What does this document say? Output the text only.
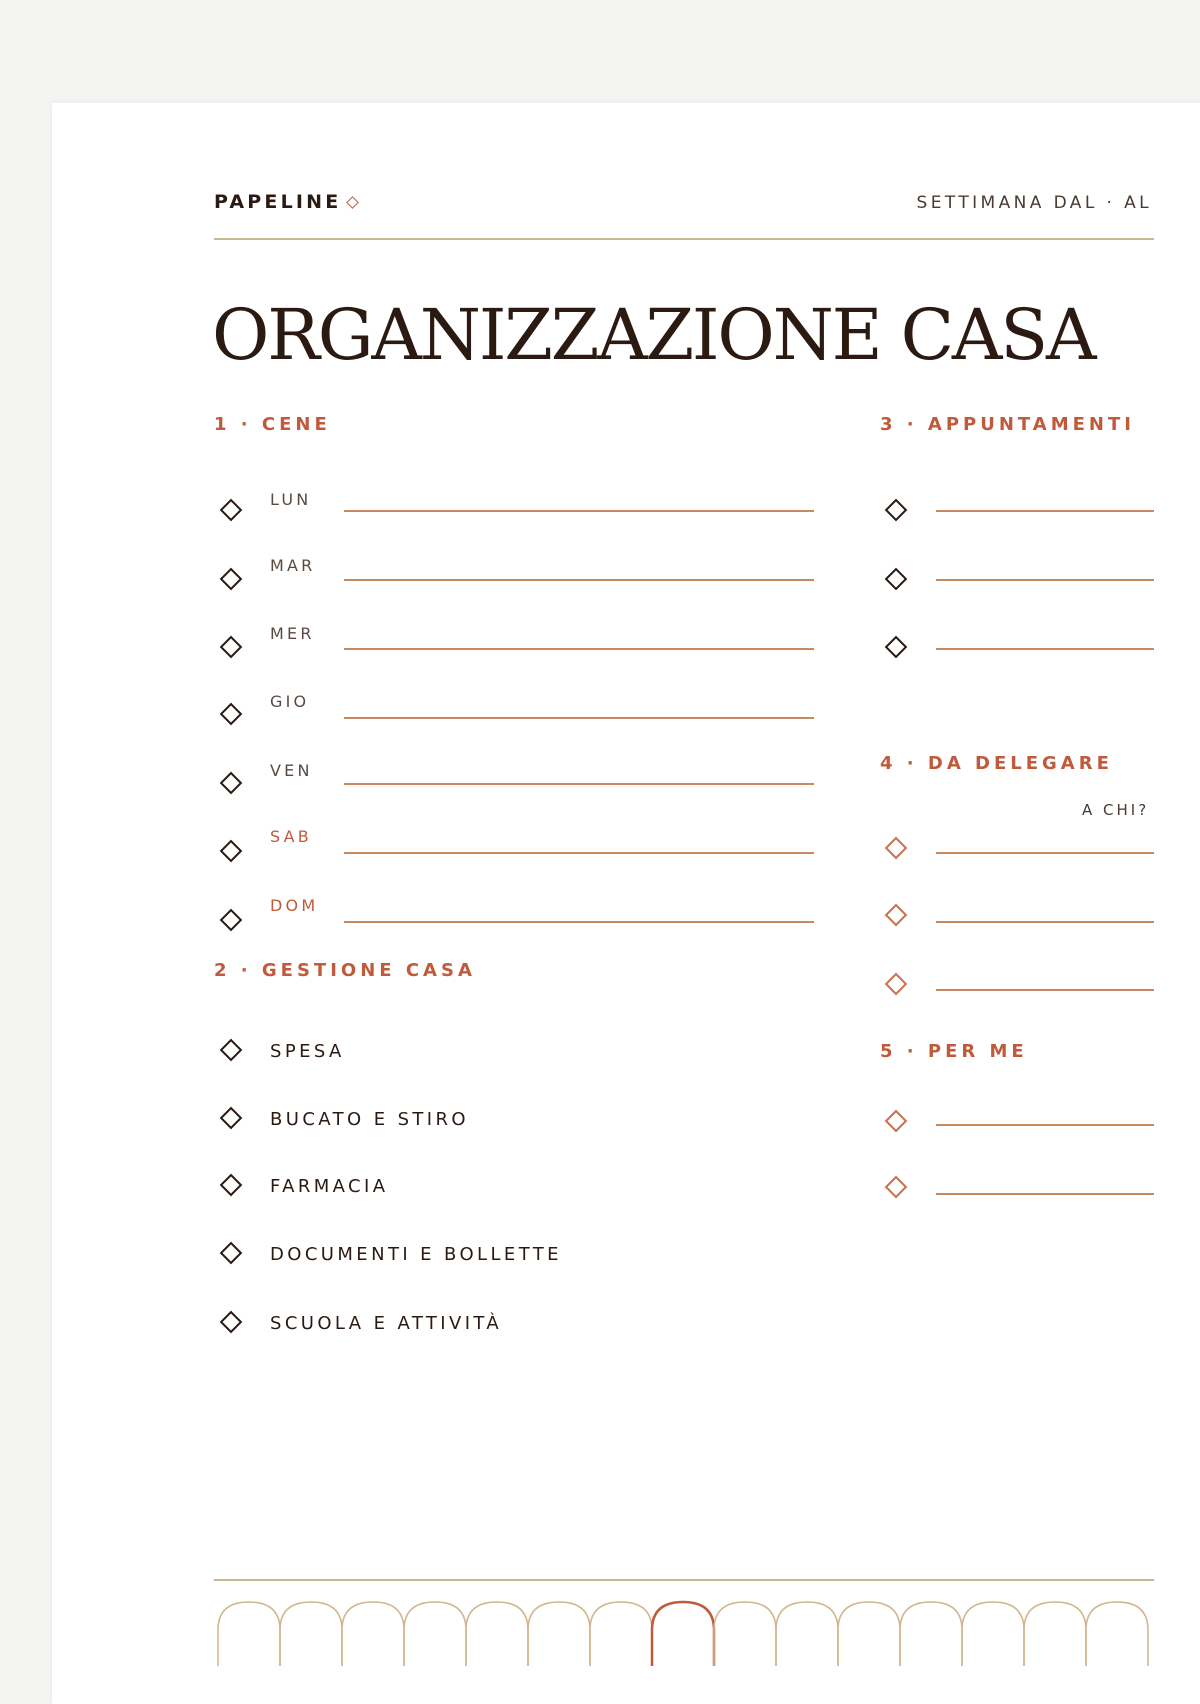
PAPELINE	SETTIMANA DAL · AL
ORGANIZZAZIONE CASA
1 · CENE
LUN
MAR
MER
GIO
VEN
SAB
DOM
2 · GESTIONE CASA
SPESA
BUCATO E STIRO
FARMACIA
DOCUMENTI E BOLLETTE
SCUOLA E ATTIVITÀ
3 · APPUNTAMENTI
4 · DA DELEGARE
A CHI?
5 · PER ME
